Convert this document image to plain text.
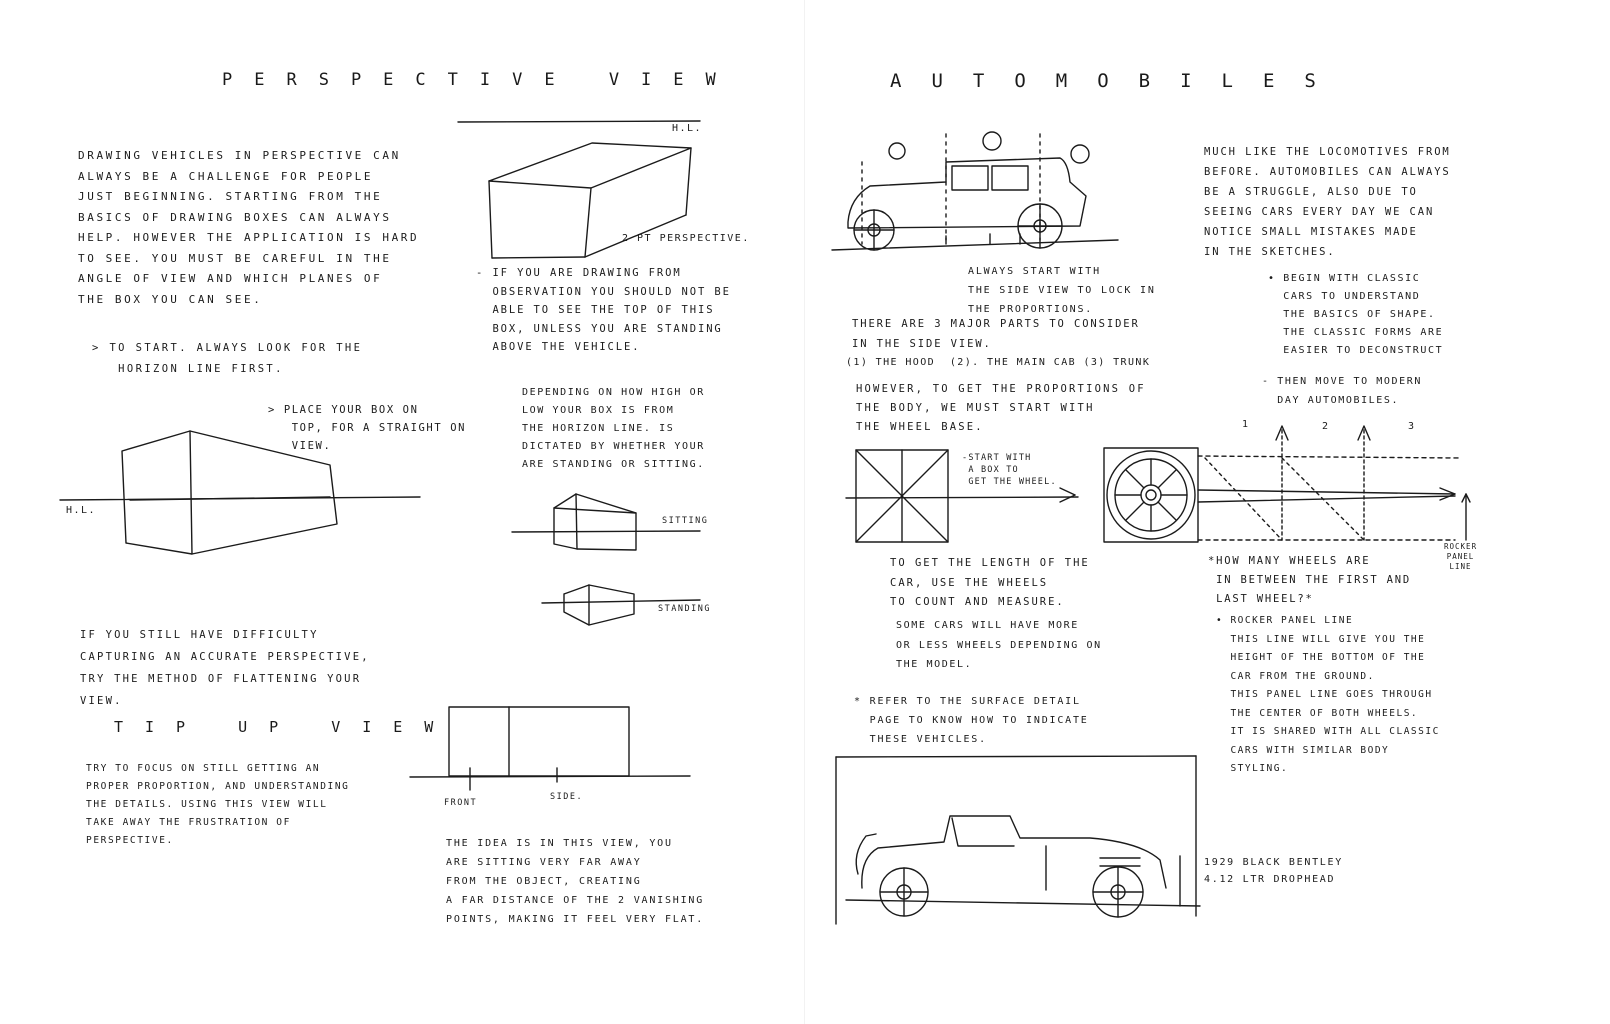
PERSPECTIVE VIEW
DRAWING VEHICLES IN PERSPECTIVE CAN
ALWAYS BE A CHALLENGE FOR PEOPLE
JUST BEGINNING. STARTING FROM THE
BASICS OF DRAWING BOXES CAN ALWAYS
HELP. HOWEVER THE APPLICATION IS HARD
TO SEE. YOU MUST BE CAREFUL IN THE
ANGLE OF VIEW AND WHICH PLANES OF
THE BOX YOU CAN SEE.
> TO START. ALWAYS LOOK FOR THE
HORIZON LINE FIRST.
> PLACE YOUR BOX ON
TOP, FOR A STRAIGHT ON
VIEW.
H.L.
H.L.
2 PT PERSPECTIVE.
- IF YOU ARE DRAWING FROM
OBSERVATION YOU SHOULD NOT BE
ABLE TO SEE THE TOP OF THIS
BOX, UNLESS YOU ARE STANDING
ABOVE THE VEHICLE.
DEPENDING ON HOW HIGH OR
LOW YOUR BOX IS FROM
THE HORIZON LINE. IS
DICTATED BY WHETHER YOUR
ARE STANDING OR SITTING.
SITTING
STANDING
IF YOU STILL HAVE DIFFICULTY
CAPTURING AN ACCURATE PERSPECTIVE,
TRY THE METHOD OF FLATTENING YOUR
VIEW.
TIP UP VIEW
TRY TO FOCUS ON STILL GETTING AN
PROPER PROPORTION, AND UNDERSTANDING
THE DETAILS. USING THIS VIEW WILL
TAKE AWAY THE FRUSTRATION OF
PERSPECTIVE.
FRONT
SIDE.
THE IDEA IS IN THIS VIEW, YOU
ARE SITTING VERY FAR AWAY
FROM THE OBJECT, CREATING
A FAR DISTANCE OF THE 2 VANISHING
POINTS, MAKING IT FEEL VERY FLAT.
AUTOMOBILES
MUCH LIKE THE LOCOMOTIVES FROM
BEFORE. AUTOMOBILES CAN ALWAYS
BE A STRUGGLE, ALSO DUE TO
SEEING CARS EVERY DAY WE CAN
NOTICE SMALL MISTAKES MADE
IN THE SKETCHES.
• BEGIN WITH CLASSIC
CARS TO UNDERSTAND
THE BASICS OF SHAPE.
THE CLASSIC FORMS ARE
EASIER TO DECONSTRUCT
- THEN MOVE TO MODERN
DAY AUTOMOBILES.
ALWAYS START WITH
THE SIDE VIEW TO LOCK IN
THE PROPORTIONS.
THERE ARE 3 MAJOR PARTS TO CONSIDER
IN THE SIDE VIEW.
(1) THE HOOD  (2). THE MAIN CAB (3) TRUNK
HOWEVER, TO GET THE PROPORTIONS OF
THE BODY, WE MUST START WITH
THE WHEEL BASE.
-START WITH
A BOX TO
GET THE WHEEL.
1	2	3
TO GET THE LENGTH OF THE
CAR, USE THE WHEELS
TO COUNT AND MEASURE.
SOME CARS WILL HAVE MORE
OR LESS WHEELS DEPENDING ON
THE MODEL.
* REFER TO THE SURFACE DETAIL
PAGE TO KNOW HOW TO INDICATE
THESE VEHICLES.
*HOW MANY WHEELS ARE
IN BETWEEN THE FIRST AND
LAST WHEEL?*
ROCKER
PANEL
LINE
• ROCKER PANEL LINE
THIS LINE WILL GIVE YOU THE
HEIGHT OF THE BOTTOM OF THE
CAR FROM THE GROUND.
THIS PANEL LINE GOES THROUGH
THE CENTER OF BOTH WHEELS.
IT IS SHARED WITH ALL CLASSIC
CARS WITH SIMILAR BODY
STYLING.
1929 BLACK BENTLEY
4.12 LTR DROPHEAD
